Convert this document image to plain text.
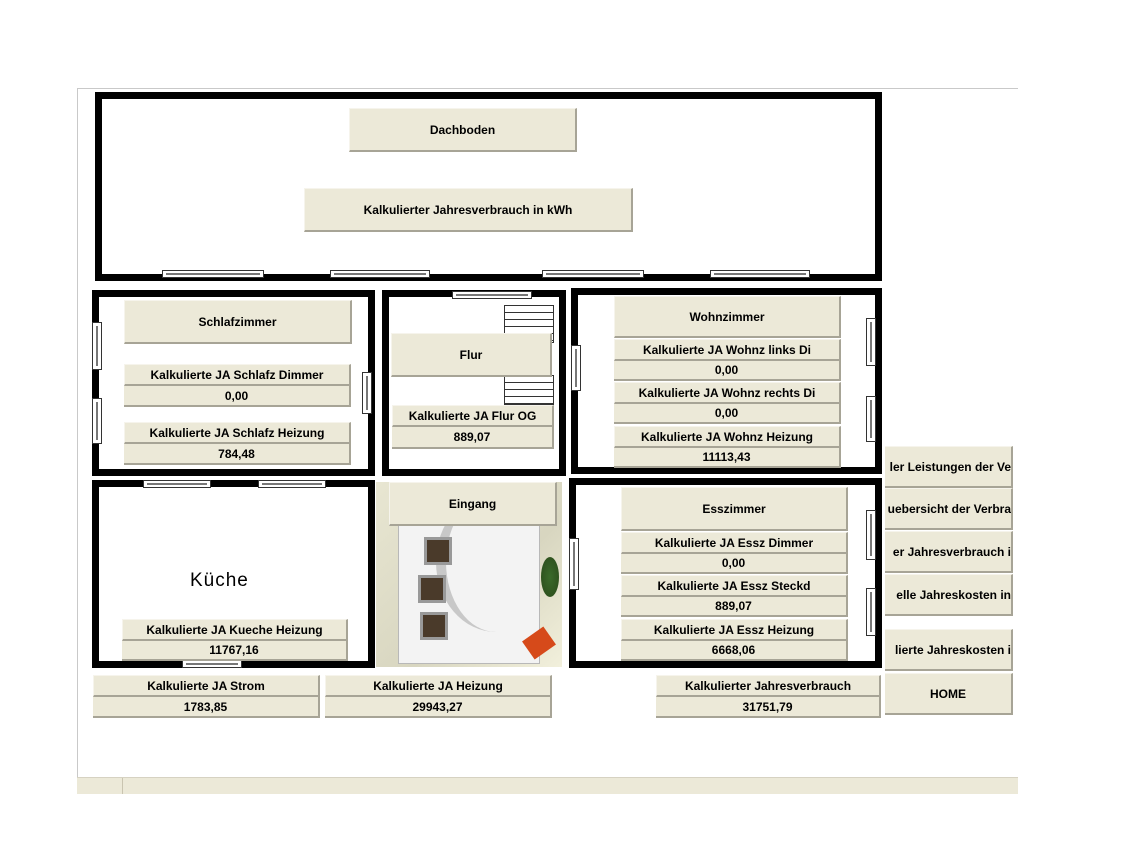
Dachboden
Kalkulierter Jahresverbrauch in kWh
Schlafzimmer
Kalkulierte JA Schlafz Dimmer
0,00
Kalkulierte JA Schlafz Heizung
784,48
Flur
Kalkulierte JA Flur OG
889,07
Wohnzimmer
Kalkulierte JA Wohnz links Di
0,00
Kalkulierte JA Wohnz rechts Di
0,00
Kalkulierte JA Wohnz Heizung
11113,43
Küche
Kalkulierte JA Kueche Heizung
11767,16
Eingang	Esszimmer
Kalkulierte JA Essz Dimmer
0,00
Kalkulierte JA Essz Steckd
889,07
Kalkulierte JA Essz Heizung
6668,06
Kalkulierte JA Strom
1783,85
Kalkulierte JA Heizung
29943,27
Kalkulierter Jahresverbrauch
31751,79
ler Leistungen der Ve
uebersicht der Verbra
er Jahresverbrauch i
elle Jahreskosten in
lierte Jahreskosten i
HOME
